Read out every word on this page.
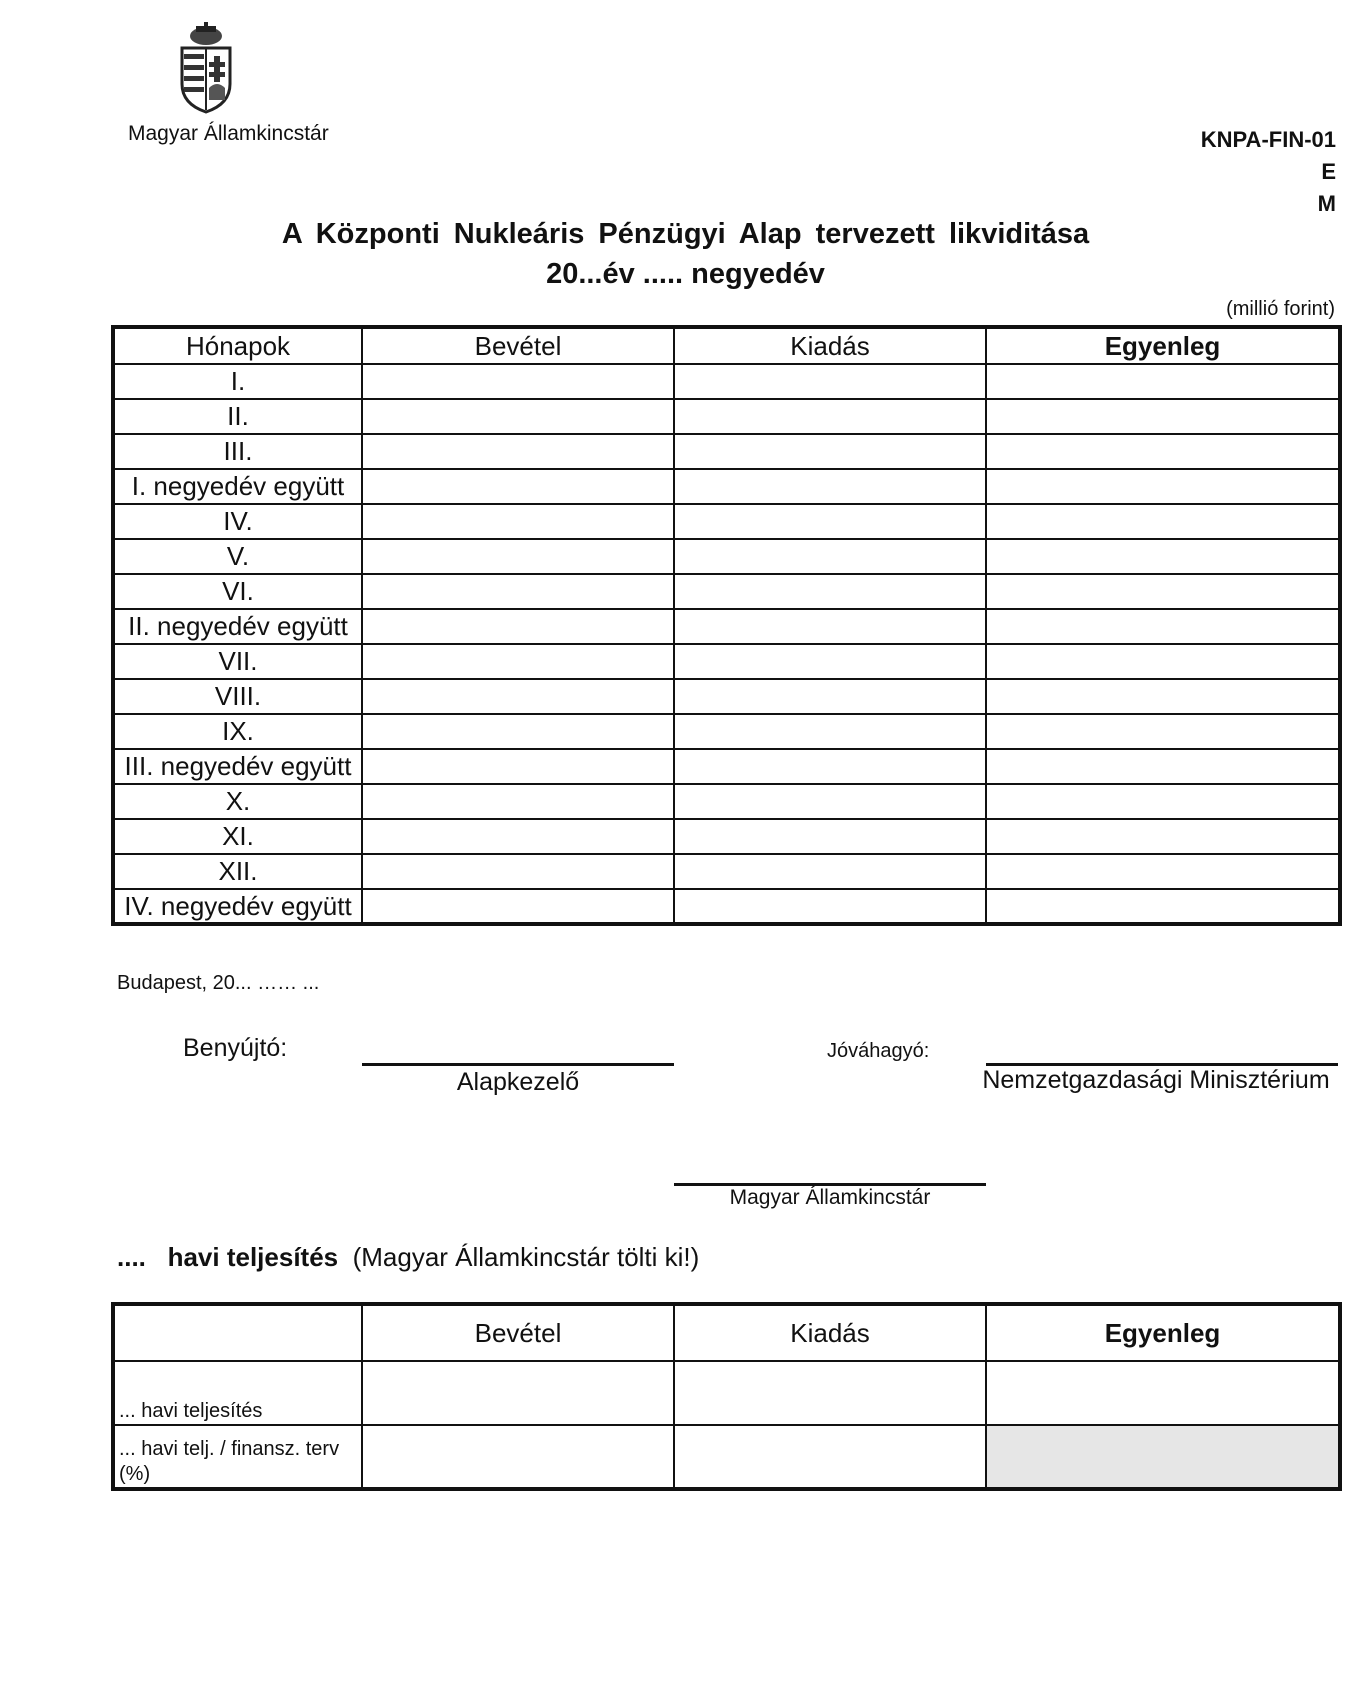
Magyar Államkincstár	KNPA-FIN-01
E
M
A Központi Nukleáris Pénzügyi Alap tervezett likviditása
20...év ..... negyedév
(millió forint)
Hónapok	Bevétel	Kiadás	Egyenleg
I.			
II.			
III.			
I. negyedév együtt			
IV.			
V.			
VI.			
II. negyedév együtt			
VII.			
VIII.			
IX.			
III. negyedév együtt			
X.			
XI.			
XII.			
IV. negyedév együtt			
Budapest, 20... …… ...
Benyújtó:
Alapkezelő
Jóváhagyó:
Nemzetgazdasági Minisztérium
Magyar Államkincstár
.... havi teljesítés (Magyar Államkincstár tölti ki!)
	Bevétel	Kiadás	Egyenleg
... havi teljesítés			
... havi telj. / finansz. terv (%)			
